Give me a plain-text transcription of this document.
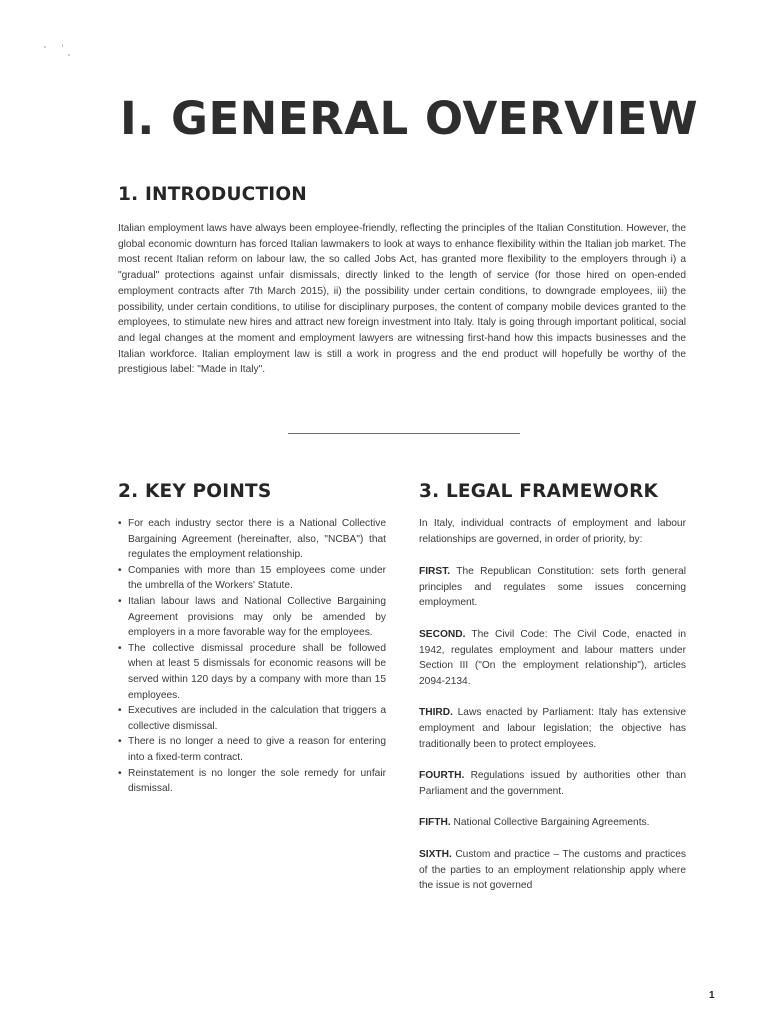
I. GENERAL OVERVIEW
1. INTRODUCTION

Italian employment laws have always been employee-friendly, reflecting the principles of the Italian Constitution. However, the global economic downturn has forced Italian lawmakers to look at ways to enhance flexibility within the Italian job market. The most recent Italian reform on labour law, the so called Jobs Act, has granted more flexibility to the employers through i) a "gradual" protections against unfair dismissals, directly linked to the length of service (for those hired on open-ended employment contracts after 7th March 2015), ii) the possibility under certain conditions, to downgrade employees, iii) the possibility, under certain conditions, to utilise for disciplinary purposes, the content of company mobile devices granted to the employees, to stimulate new hires and attract new foreign investment into Italy. Italy is going through important political, social and legal changes at the moment and employment lawyers are witnessing first-hand how this impacts businesses and the Italian workforce. Italian employment law is still a work in progress and the end product will hopefully be worthy of the prestigious label: "Made in Italy".

2. KEY POINTS
• For each industry sector there is a National Collective Bargaining Agreement (hereinafter, also, "NCBA") that regulates the employment relationship.
• Companies with more than 15 employees come under the umbrella of the Workers' Statute.
• Italian labour laws and National Collective Bargaining Agreement provisions may only be amended by employers in a more favorable way for the employees.
• The collective dismissal procedure shall be followed when at least 5 dismissals for economic reasons will be served within 120 days by a company with more than 15 employees.
• Executives are included in the calculation that triggers a collective dismissal.
• There is no longer a need to give a reason for entering into a fixed-term contract.
• Reinstatement is no longer the sole remedy for unfair dismissal.
3. LEGAL FRAMEWORK

In Italy, individual contracts of employment and labour relationships are governed, in order of priority, by:

FIRST. The Republican Constitution: sets forth general principles and regulates some issues concerning employment.

SECOND. The Civil Code: The Civil Code, enacted in 1942, regulates employment and labour matters under Section III ("On the employment relationship"), articles 2094-2134.

THIRD. Laws enacted by Parliament: Italy has extensive employment and labour legislation; the objective has traditionally been to protect employees.

FOURTH. Regulations issued by authorities other than Parliament and the government.

FIFTH. National Collective Bargaining Agreements.

SIXTH. Custom and practice – The customs and practices of the parties to an employment relationship apply where the issue is not governed

1
